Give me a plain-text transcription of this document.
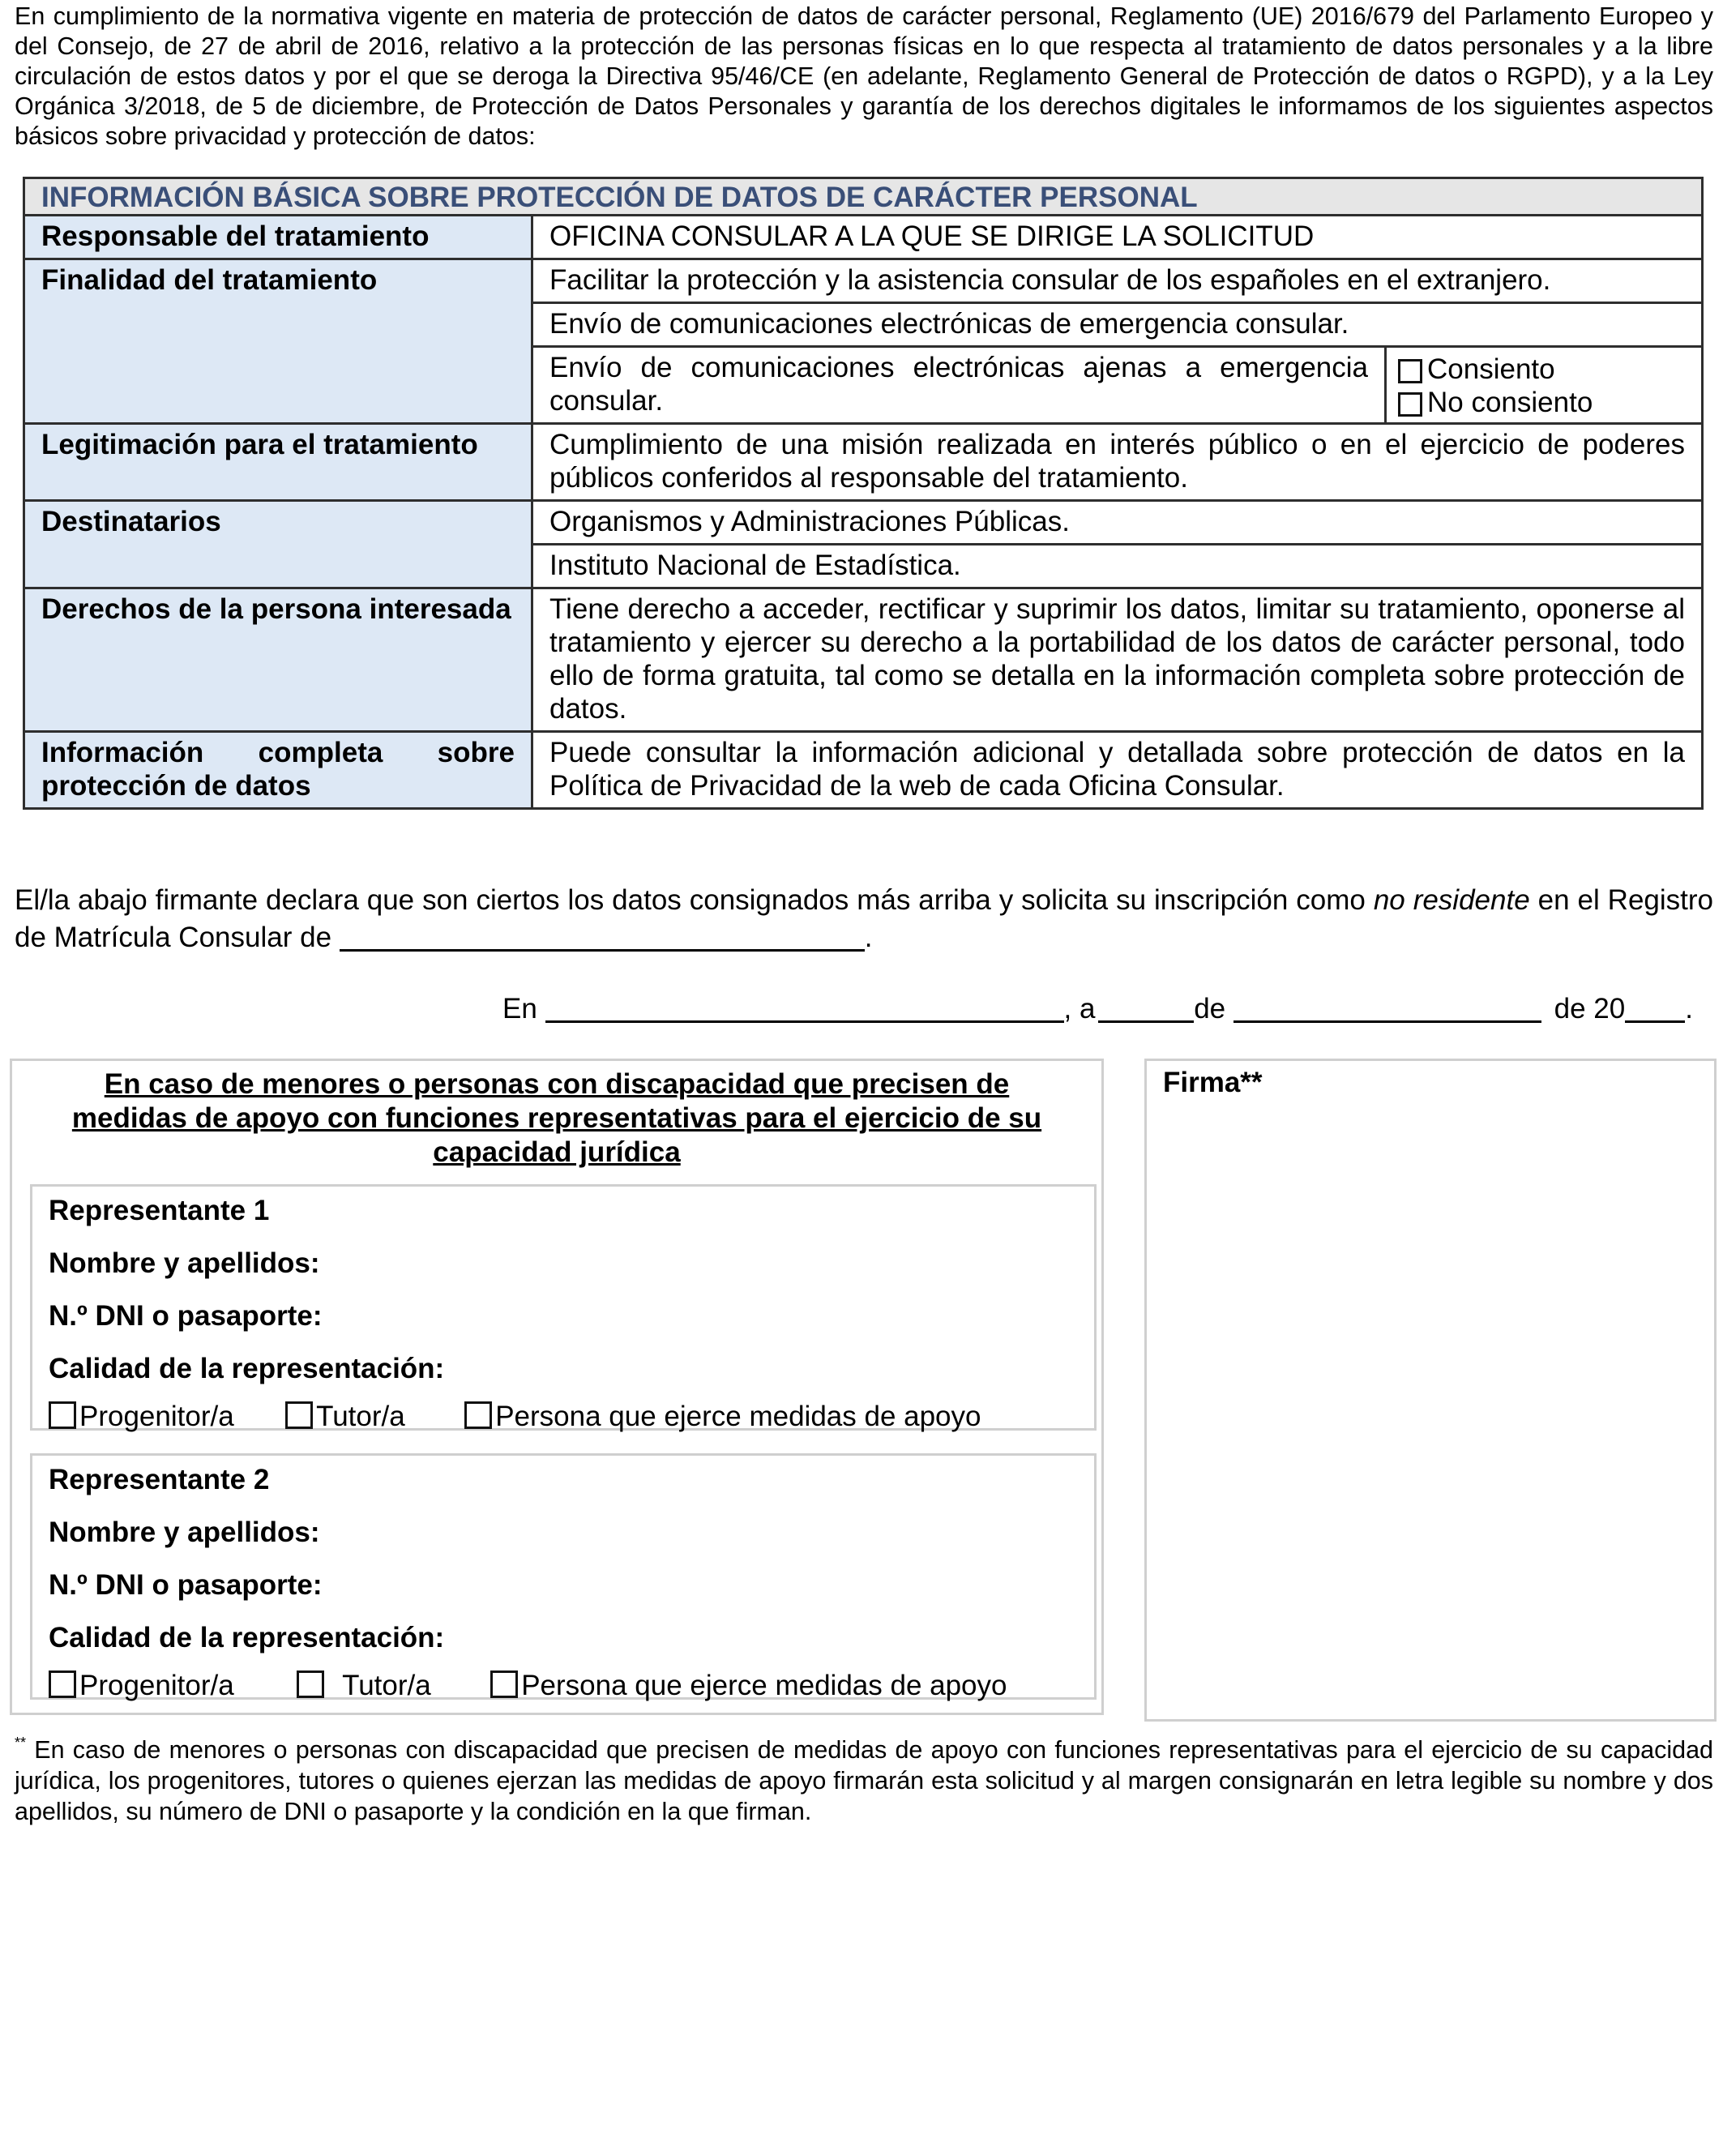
En cumplimiento de la normativa vigente en materia de protección de datos de carácter personal, Reglamento (UE) 2016/679 del Parlamento Europeo y del Consejo, de 27 de abril de 2016, relativo a la protección de las personas físicas en lo que respecta al tratamiento de datos personales y a la libre circulación de estos datos y por el que se deroga la Directiva 95/46/CE (en adelante, Reglamento General de Protección de datos o RGPD), y a la Ley Orgánica 3/2018, de 5 de diciembre, de Protección de Datos Personales y garantía de los derechos digitales le informamos de los siguientes aspectos básicos sobre privacidad y protección de datos:

INFORMACIÓN BÁSICA SOBRE PROTECCIÓN DE DATOS DE CARÁCTER PERSONAL		
Responsable del tratamiento	OFICINA CONSULAR A LA QUE SE DIRIGE LA SOLICITUD	
Finalidad del tratamiento	Facilitar la protección y la asistencia consular de los españoles en el extranjero.	
	Envío de comunicaciones electrónicas de emergencia consular.	
	Envío de comunicaciones electrónicas ajenas a emergencia consular.	Consiento
No consiento

Legitimación para el tratamiento	Cumplimiento de una misión realizada en interés público o en el ejercicio de poderes públicos conferidos al responsable del tratamiento.	
Destinatarios	Organismos y Administraciones Públicas.	
	Instituto Nacional de Estadística.	
Derechos de la persona interesada	Tiene derecho a acceder, rectificar y suprimir los datos, limitar su tratamiento, oponerse al tratamiento y ejercer su derecho a la portabilidad de los datos de carácter personal, todo ello de forma gratuita, tal como se detalla en la información completa sobre protección de datos.	

Información completa sobre
protección de datos	Puede consultar la información adicional y detallada sobre protección de datos en la Política de Privacidad de la web de cada Oficina Consular.	

El/la abajo firmante declara que son ciertos los datos consignados más arriba y solicita su inscripción como no residente en el Registro de Matrícula Consular de	.

En	, a	de	de 20 .
En caso de menores o personas con discapacidad que precisen de
medidas de apoyo con funciones representativas para el ejercicio de su
capacidad jurídica
Representante 1
Nombre y apellidos:
N.º DNI o pasaporte:
Calidad de la representación:
Progenitor/a	Tutor/a	Persona que ejerce medidas de apoyo
Representante 2
Nombre y apellidos:
N.º DNI o pasaporte:
Calidad de la representación:
Progenitor/a	Tutor/a	Persona que ejerce medidas de apoyo
Firma**

** En caso de menores o personas con discapacidad que precisen de medidas de apoyo con funciones representativas para el ejercicio de su capacidad jurídica, los progenitores, tutores o quienes ejerzan las medidas de apoyo firmarán esta solicitud y al margen consignarán en letra legible su nombre y dos apellidos, su número de DNI o pasaporte y la condición en la que firman.
